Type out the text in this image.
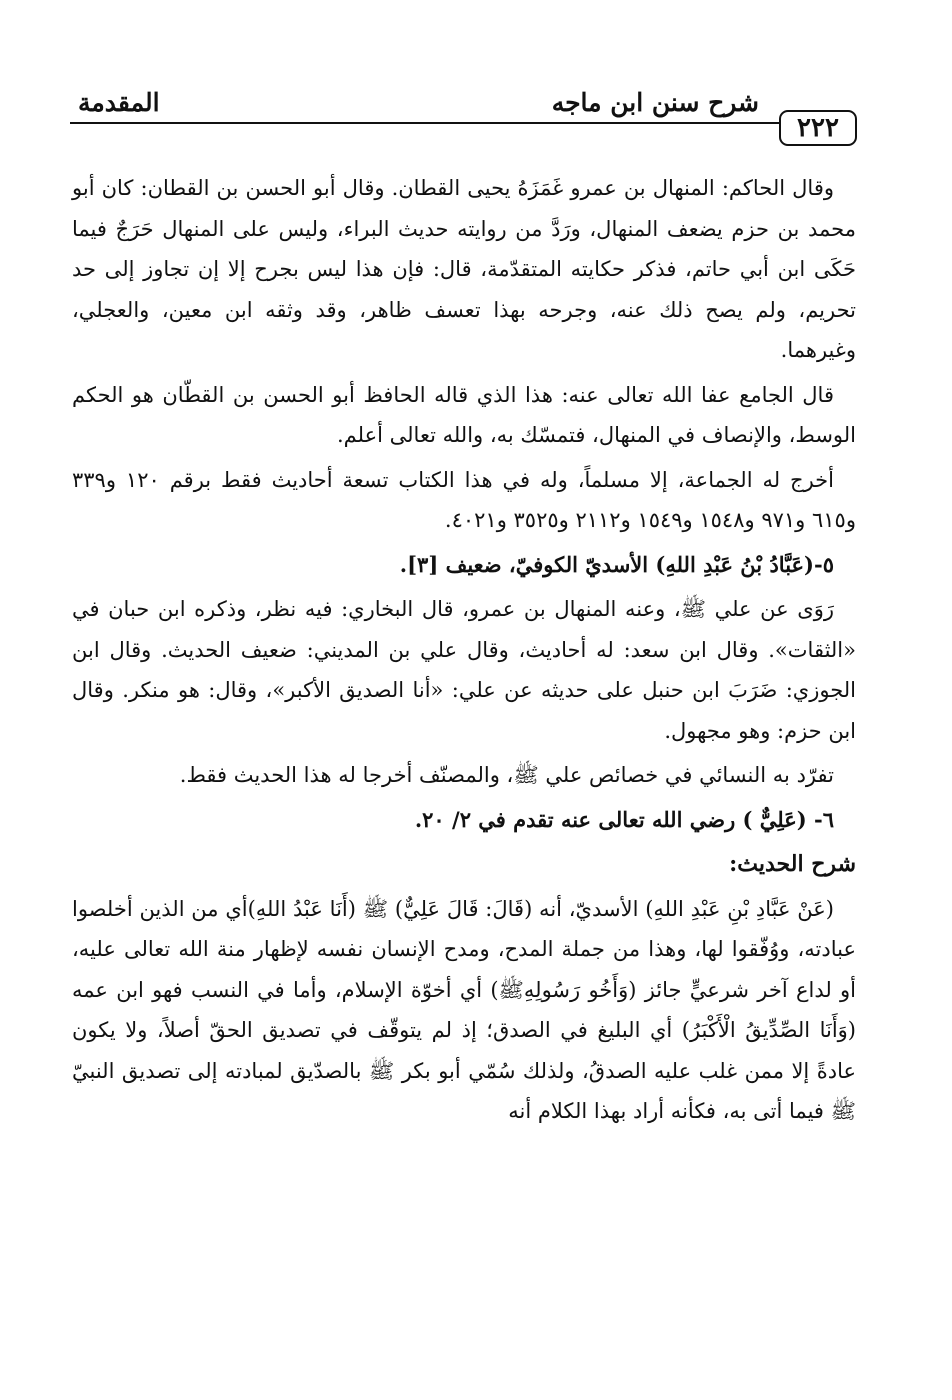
٢٢٢
شرح سنن ابن ماجه
المقدمة

وقال الحاكم: المنهال بن عمرو غَمَزَهُ يحيى القطان. وقال أبو الحسن بن القطان: كان أبو محمد بن حزم يضعف المنهال، ورَدَّ من روايته حديث البراء، وليس على المنهال حَرَجٌ فيما حَكَى ابن أبي حاتم، فذكر حكايته المتقدّمة، قال: فإن هذا ليس بجرح إلا إن تجاوز إلى حد تحريم، ولم يصح ذلك عنه، وجرحه بهذا تعسف ظاهر، وقد وثقه ابن معين، والعجلي، وغيرهما.

قال الجامع عفا الله تعالى عنه: هذا الذي قاله الحافظ أبو الحسن بن القطّان هو الحكم الوسط، والإنصاف في المنهال، فتمسّك به، والله تعالى أعلم.

أخرج له الجماعة، إلا مسلماً، وله في هذا الكتاب تسعة أحاديث فقط برقم ١٢٠ و٣٣٩ و٦١٥ و٩٧١ و١٥٤٨ و١٥٤٩ و٢١١٢ و٣٥٢٥ و٤٠٢١.

٥-(عَبَّادُ بْنُ عَبْدِ اللهِ) الأسديّ الكوفيّ، ضعيف [٣].

رَوَى عن علي ﷺ، وعنه المنهال بن عمرو، قال البخاري: فيه نظر، وذكره ابن حبان في «الثقات». وقال ابن سعد: له أحاديث، وقال علي بن المديني: ضعيف الحديث. وقال ابن الجوزي: ضَرَبَ ابن حنبل على حديثه عن علي: «أنا الصديق الأكبر»، وقال: هو منكر. وقال ابن حزم: وهو مجهول.

تفرّد به النسائي في خصائص علي ﷺ، والمصنّف أخرجا له هذا الحديث فقط.

٦- (عَلِيٌّ ) رضي الله تعالى عنه تقدم في ٢/ ٢٠.

شرح الحديث:

(عَنْ عَبَّادِ بْنِ عَبْدِ اللهِ) الأسديّ، أنه (قَالَ: قَالَ عَلِيٌّ) ﷺ (أَنَا عَبْدُ اللهِ)أي من الذين أخلصوا عبادته، ووُفّقوا لها، وهذا من جملة المدح، ومدح الإنسان نفسه لإظهار منة الله تعالى عليه، أو لداع آخر شرعيٍّ جائز (وَأَخُو رَسُولِهِﷺ) أي أخوّة الإسلام، وأما في النسب فهو ابن عمه (وَأَنَا الصِّدِّيقُ الْأَكْبَرُ) أي البليغ في الصدق؛ إذ لم يتوقّف في تصديق الحقّ أصلاً، ولا يكون عادةً إلا ممن غلب عليه الصدقُ، ولذلك سُمّي أبو بكر ﷺ بالصدّيق لمبادته إلى تصديق النبيّ ﷺ فيما أتى به، فكأنه أراد بهذا الكلام أنه
